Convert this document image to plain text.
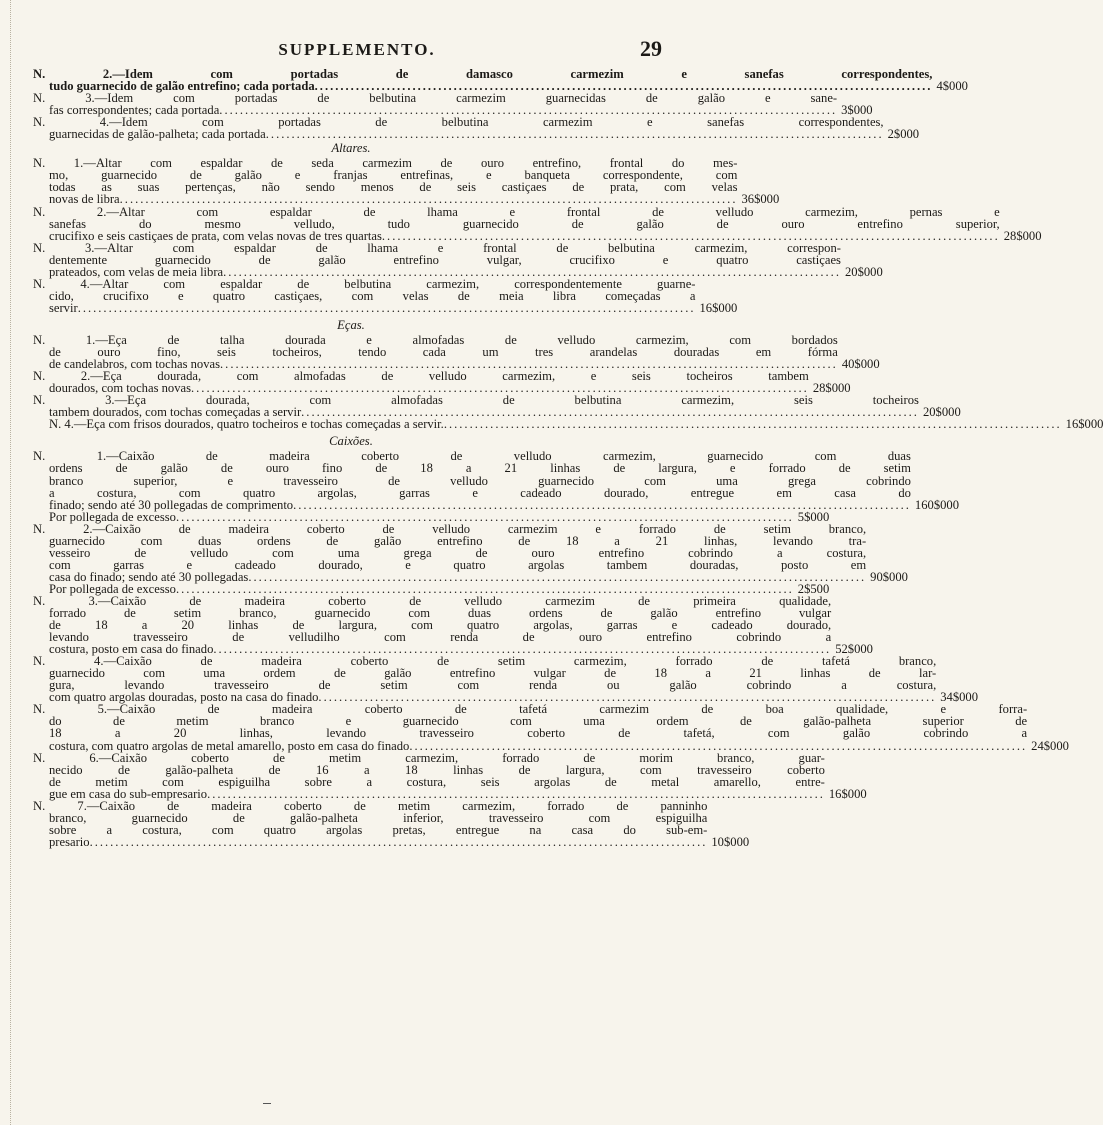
SUPPLEMENTO.	29
N. 2.—Idem com portadas de damasco carmezim e sanefas correspondentes,
tudo guarnecido de galão entrefino; cada portada ........................................................................................................................ 4$000
N. 3.—Idem com portadas de belbutina carmezim guarnecidas de galão e sane-
fas correspondentes; cada portada ........................................................................................................................ 3$000
N. 4.—Idem com portadas de belbutina carmezim e sanefas correspondentes,
guarnecidas de galão-palheta; cada portada ........................................................................................................................ 2$000
Altares.
N. 1.—Altar com espaldar de seda carmezim de ouro entrefino, frontal do mes-
mo, guarnecido de galão e franjas entrefinas, e banqueta correspondente, com
todas as suas pertenças, não sendo menos de seis castiçaes de prata, com velas
novas de libra ........................................................................................................................ 36$000
N. 2.—Altar com espaldar de lhama e frontal de velludo carmezim, pernas e
sanefas do mesmo velludo, tudo guarnecido de galão de ouro entrefino superior,
crucifixo e seis castiçaes de prata, com velas novas de tres quartas ........................................................................................................................ 28$000
N. 3.—Altar com espaldar de lhama e frontal de belbutina carmezim, correspon-
dentemente guarnecido de galão entrefino vulgar, crucifixo e quatro castiçaes
prateados, com velas de meia libra ........................................................................................................................ 20$000
N. 4.—Altar com espaldar de belbutina carmezim, correspondentemente guarne-
cido, crucifixo e quatro castiçaes, com velas de meia libra começadas a
servir ........................................................................................................................ 16$000
Eças.
N. 1.—Eça de talha dourada e almofadas de velludo carmezim, com bordados
de ouro fino, seis tocheiros, tendo cada um tres arandelas douradas em fórma
de candelabros, com tochas novas ........................................................................................................................ 40$000
N. 2.—Eça dourada, com almofadas de velludo carmezim, e seis tocheiros tambem
dourados, com tochas novas ........................................................................................................................ 28$000
N. 3.—Eça dourada, com almofadas de belbutina carmezim, seis tocheiros
tambem dourados, com tochas começadas a servir ........................................................................................................................ 20$000
N. 4.—Eça com frisos dourados, quatro tocheiros e tochas começadas a servir. ........................................................................................................................ 16$000
Caixões.
N. 1.—Caixão de madeira coberto de velludo carmezim, guarnecido com duas
ordens de galão de ouro fino de 18 a 21 linhas de largura, e forrado de setim
branco superior, e travesseiro de velludo guarnecido com uma grega cobrindo
a costura, com quatro argolas, garras e cadeado dourado, entregue em casa do
finado; sendo até 30 pollegadas de comprimento ........................................................................................................................ 160$000
Por pollegada de excesso ........................................................................................................................ 5$000
N. 2.—Caixão de madeira coberto de velludo carmezim e forrado de setim branco,
guarnecido com duas ordens de galão entrefino de 18 a 21 linhas, levando tra-
vesseiro de velludo com uma grega de ouro entrefino cobrindo a costura,
com garras e cadeado dourado, e quatro argolas tambem douradas, posto em
casa do finado; sendo até 30 pollegadas ........................................................................................................................ 90$000
Por pollegada de excesso ........................................................................................................................ 2$500
N. 3.—Caixão de madeira coberto de velludo carmezim de primeira qualidade,
forrado de setim branco, guarnecido com duas ordens de galão entrefino vulgar
de 18 a 20 linhas de largura, com quatro argolas, garras e cadeado dourado,
levando travesseiro de velludilho com renda de ouro entrefino cobrindo a
costura, posto em casa do finado ........................................................................................................................ 52$000
N. 4.—Caixão de madeira coberto de setim carmezim, forrado de tafetá branco,
guarnecido com uma ordem de galão entrefino vulgar de 18 a 21 linhas de lar-
gura, levando travesseiro de setim com renda ou galão cobrindo a costura,
com quatro argolas douradas, posto na casa do finado ........................................................................................................................ 34$000
N. 5.—Caixão de madeira coberto de tafetá carmezim de boa qualidade, e forra-
do de metim branco e guarnecido com uma ordem de galão-palheta superior de
18 a 20 linhas, levando travesseiro coberto de tafetá, com galão cobrindo a
costura, com quatro argolas de metal amarello, posto em casa do finado ........................................................................................................................ 24$000
N. 6.—Caixão coberto de metim carmezim, forrado de morim branco, guar-
necido de galão-palheta de 16 a 18 linhas de largura, com travesseiro coberto
de metim com espiguilha sobre a costura, seis argolas de metal amarello, entre-
gue em casa do sub-empresario ........................................................................................................................ 16$000
N. 7.—Caixão de madeira coberto de metim carmezim, forrado de panninho
branco, guarnecido de galão-palheta inferior, travesseiro com espiguilha
sobre a costura, com quatro argolas pretas, entregue na casa do sub-em-
presario ........................................................................................................................ 10$000
